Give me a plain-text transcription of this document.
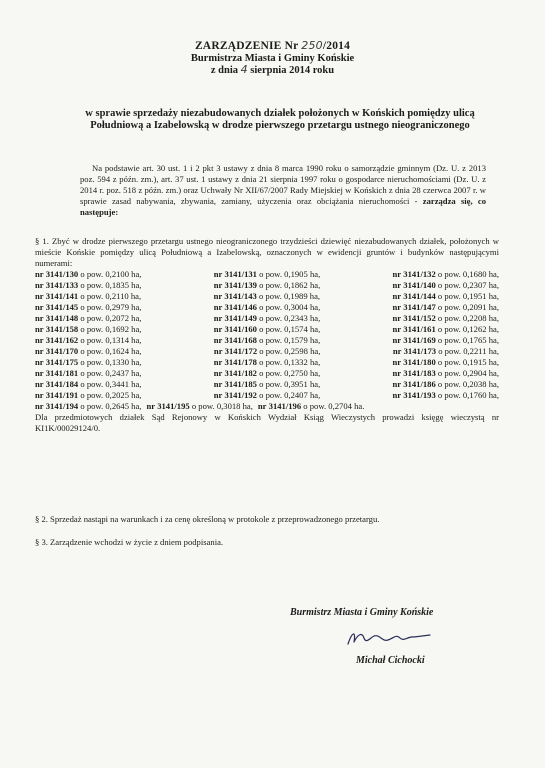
ZARZĄDZENIE Nr 250/2014
Burmistrza Miasta i Gminy Końskie
z dnia 4 sierpnia 2014 roku
w sprawie sprzedaży niezabudowanych działek położonych w Końskich pomiędzy ulicą Południową a Izabelowską w drodze pierwszego przetargu ustnego nieograniczonego
Na podstawie art. 30 ust. 1 i 2 pkt 3 ustawy z dnia 8 marca 1990 roku o samorządzie gminnym (Dz. U. z 2013 poz. 594 z późn. zm.), art. 37 ust. 1 ustawy z dnia 21 sierpnia 1997 roku o gospodarce nieruchomościami (Dz. U. z 2014 r. poz. 518 z późn. zm.) oraz Uchwały Nr XII/67/2007 Rady Miejskiej w Końskich z dnia 28 czerwca 2007 r. w sprawie zasad nabywania, zbywania, zamiany, użyczenia oraz obciążania nieruchomości - zarządza się, co następuje:
§ 1. Zbyć w drodze pierwszego przetargu ustnego nieograniczonego trzydzieści dziewięć niezabudowanych działek, położonych w mieście Końskie pomiędzy ulicą Południową a Izabelowską, oznaczonych w ewidencji gruntów i budynków następującymi numerami:
nr 3141/130 o pow. 0,2100 ha,	nr 3141/131 o pow. 0,1905 ha,	nr 3141/132 o pow. 0,1680 ha,
nr 3141/133 o pow. 0,1835 ha,	nr 3141/139 o pow. 0,1862 ha,	nr 3141/140 o pow. 0,2307 ha,
nr 3141/141 o pow. 0,2110 ha,	nr 3141/143 o pow. 0,1989 ha,	nr 3141/144 o pow. 0,1951 ha,
nr 3141/145 o pow. 0,2979 ha,	nr 3141/146 o pow. 0,3004 ha,	nr 3141/147 o pow. 0,2091 ha,
nr 3141/148 o pow. 0,2072 ha,	nr 3141/149 o pow. 0,2343 ha,	nr 3141/152 o pow. 0,2208 ha,
nr 3141/158 o pow. 0,1692 ha,	nr 3141/160 o pow. 0,1574 ha,	nr 3141/161 o pow. 0,1262 ha,
nr 3141/162 o pow. 0,1314 ha,	nr 3141/168 o pow. 0,1579 ha,	nr 3141/169 o pow. 0,1765 ha,
nr 3141/170 o pow. 0,1624 ha,	nr 3141/172 o pow. 0,2598 ha,	nr 3141/173 o pow. 0,2211 ha,
nr 3141/175 o pow. 0,1330 ha,	nr 3141/178 o pow. 0,1332 ha,	nr 3141/180 o pow. 0,1915 ha,
nr 3141/181 o pow. 0,2437 ha,	nr 3141/182 o pow. 0,2750 ha,	nr 3141/183 o pow. 0,2904 ha,
nr 3141/184 o pow. 0,3441 ha,	nr 3141/185 o pow. 0,3951 ha,	nr 3141/186 o pow. 0,2038 ha,
nr 3141/191 o pow. 0,2025 ha,	nr 3141/192 o pow. 0,2407 ha,	nr 3141/193 o pow. 0,1760 ha,
nr 3141/194 o pow. 0,2645 ha, nr 3141/195 o pow. 0,3018 ha, nr 3141/196 o pow. 0,2704 ha.
Dla przedmiotowych działek Sąd Rejonowy w Końskich Wydział Ksiąg Wieczystych prowadzi księgę wieczystą nr KI1K/00029124/0.
§ 2. Sprzedaż nastąpi na warunkach i za cenę określoną w protokole z przeprowadzonego przetargu.
§ 3. Zarządzenie wchodzi w życie z dniem podpisania.
Burmistrz Miasta i Gminy Końskie
Michał Cichocki
